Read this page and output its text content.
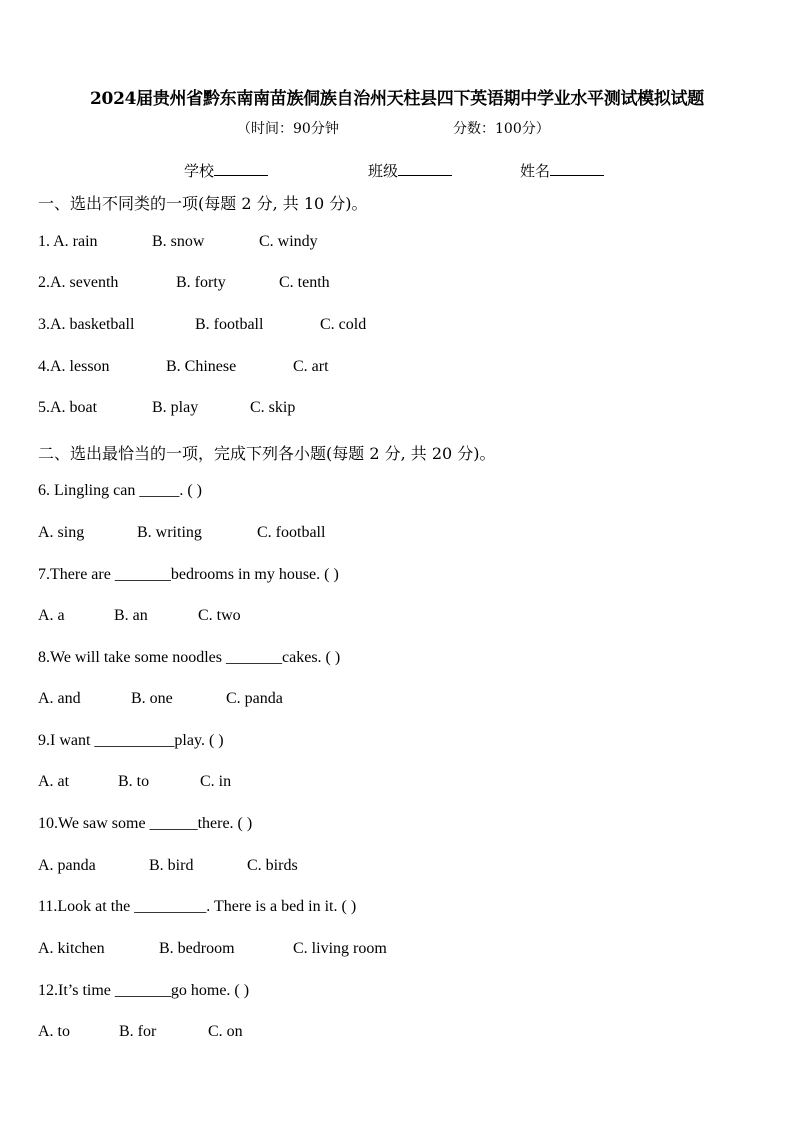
2024届贵州省黔东南南苗族侗族自治州天柱县四下英语期中学业水平测试模拟试题
（时间：90分钟	分数：100分）
学校	班级	姓名
一、选出不同类的一项(每题 2 分, 共 10 分)。
1. A. rain	B. snow	C. windy
2.A. seventh	B. forty	C. tenth
3.A. basketball	B. football	C. cold
4.A. lesson	B. Chinese	C. art
5.A. boat	B. play	C. skip
二、选出最恰当的一项，完成下列各小题(每题 2 分, 共 20 分)。
6. Lingling can _____. ( )
A. sing	B. writing	C. football
7.There are _______bedrooms in my house. ( )
A. a	B. an	C. two
8.We will take some noodles _______cakes. ( )
A. and	B. one	C. panda
9.I want __________play. ( )
A. at	B. to	C. in
10.We saw some ______there. ( )
A. panda	B. bird	C. birds
11.Look at the _________. There is a bed in it. ( )
A. kitchen	B. bedroom	C. living room
12.It’s time _______go home. ( )
A. to	B. for	C. on
